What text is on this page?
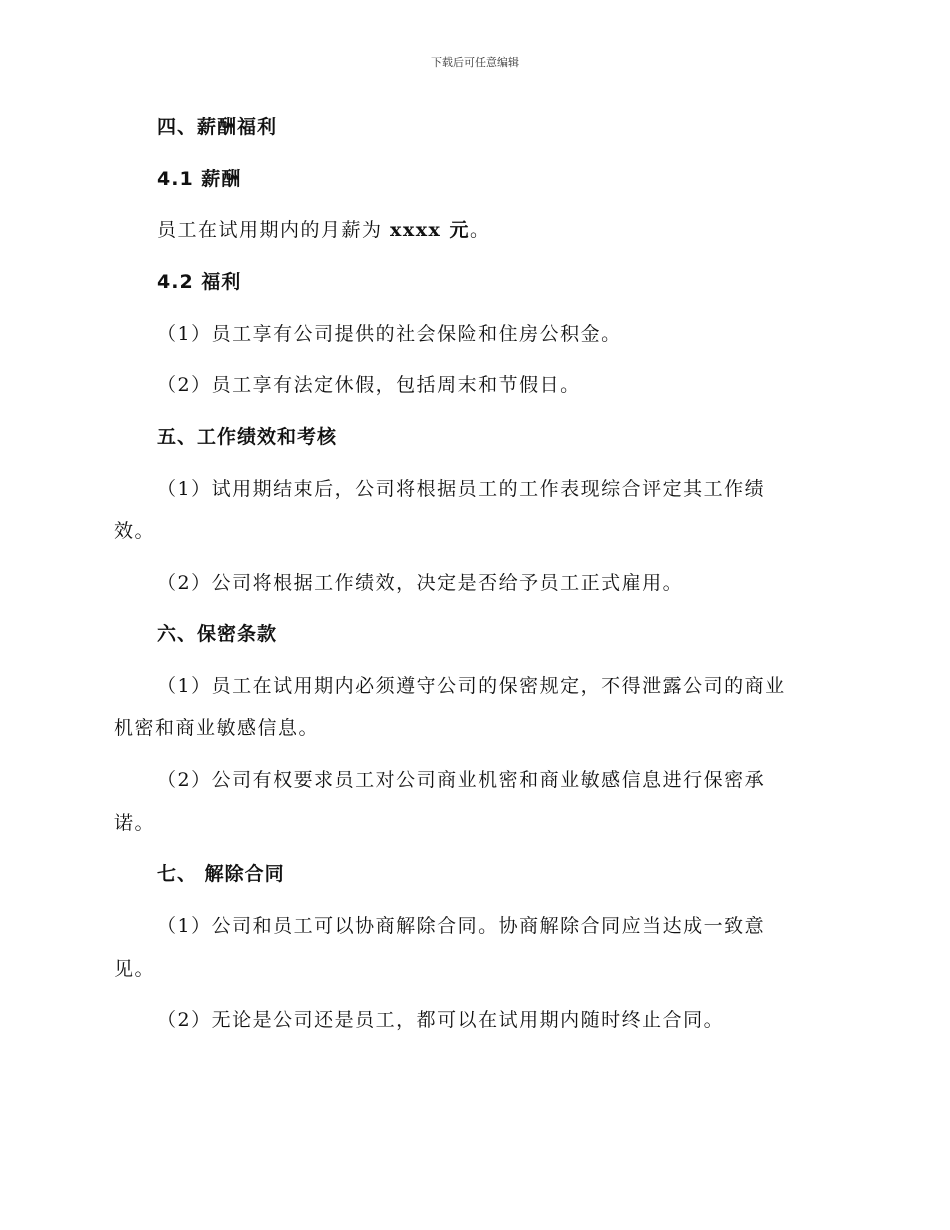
下载后可任意编辑

四、薪酬福利

4.1 薪酬

员工在试用期内的月薪为 xxxx 元。

4.2 福利

（1）员工享有公司提供的社会保险和住房公积金。

（2）员工享有法定休假，包括周末和节假日。

五、工作绩效和考核

（1）试用期结束后，公司将根据员工的工作表现综合评定其工作绩

效。

（2）公司将根据工作绩效，决定是否给予员工正式雇用。

六、保密条款

（1）员工在试用期内必须遵守公司的保密规定，不得泄露公司的商业

机密和商业敏感信息。

（2）公司有权要求员工对公司商业机密和商业敏感信息进行保密承

诺。

七、 解除合同

（1）公司和员工可以协商解除合同。协商解除合同应当达成一致意

见。

（2）无论是公司还是员工，都可以在试用期内随时终止合同。
